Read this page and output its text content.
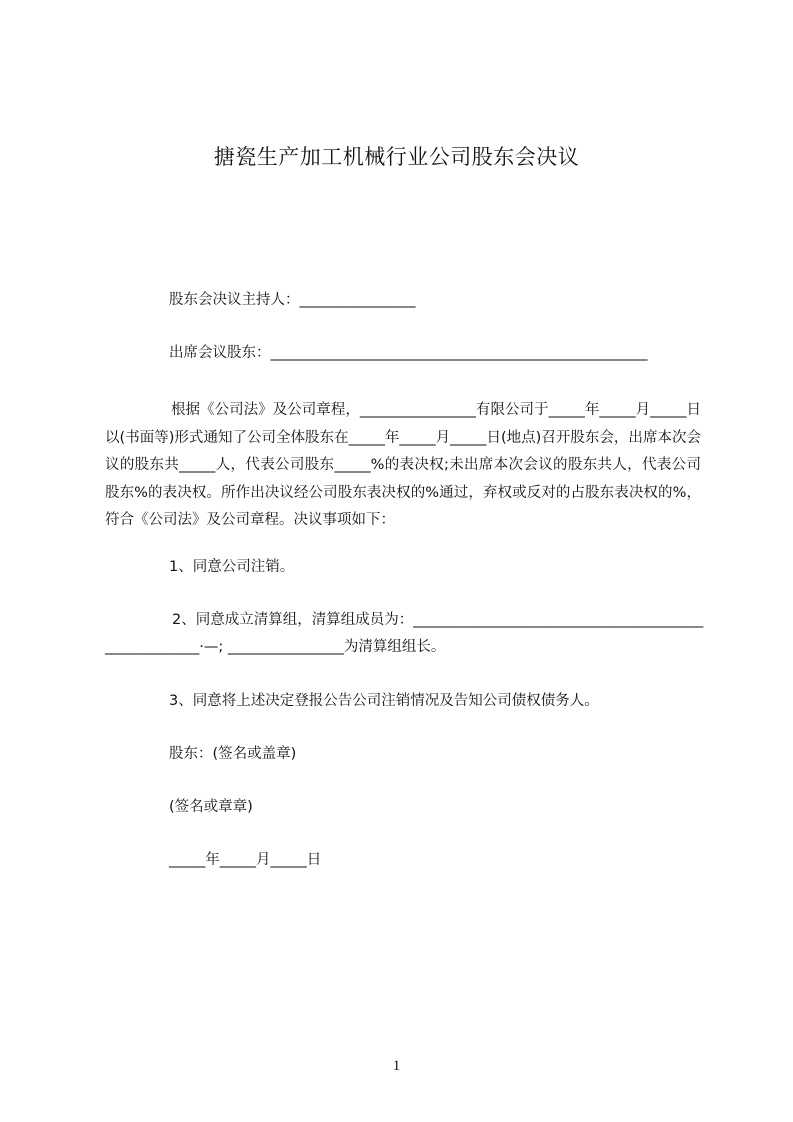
搪瓷生产加工机械行业公司股东会决议
股东会决议主持人：________________
出席会议股东：____________________________________________________

根据《公司法》及公司章程，________________有限公司于_____年_____月_____日以(书面等)形式通知了公司全体股东在_____年_____月_____日(地点)召开股东会，出席本次会议的股东共_____人，代表公司股东_____%的表决权;未出席本次会议的股东共人，代表公司股东%的表决权。所作出决议经公司股东表决权的%通过，弃权或反对的占股东表决权的%，符合《公司法》及公司章程。决议事项如下：

1、同意公司注销。
2、同意成立清算组，清算组成员为：________________________________________
_____________·—; ________________为清算组组长。
3、同意将上述决定登报公告公司注销情况及告知公司债权债务人。
股东：(签名或盖章)
(签名或章章)
_____年_____月_____日
1
